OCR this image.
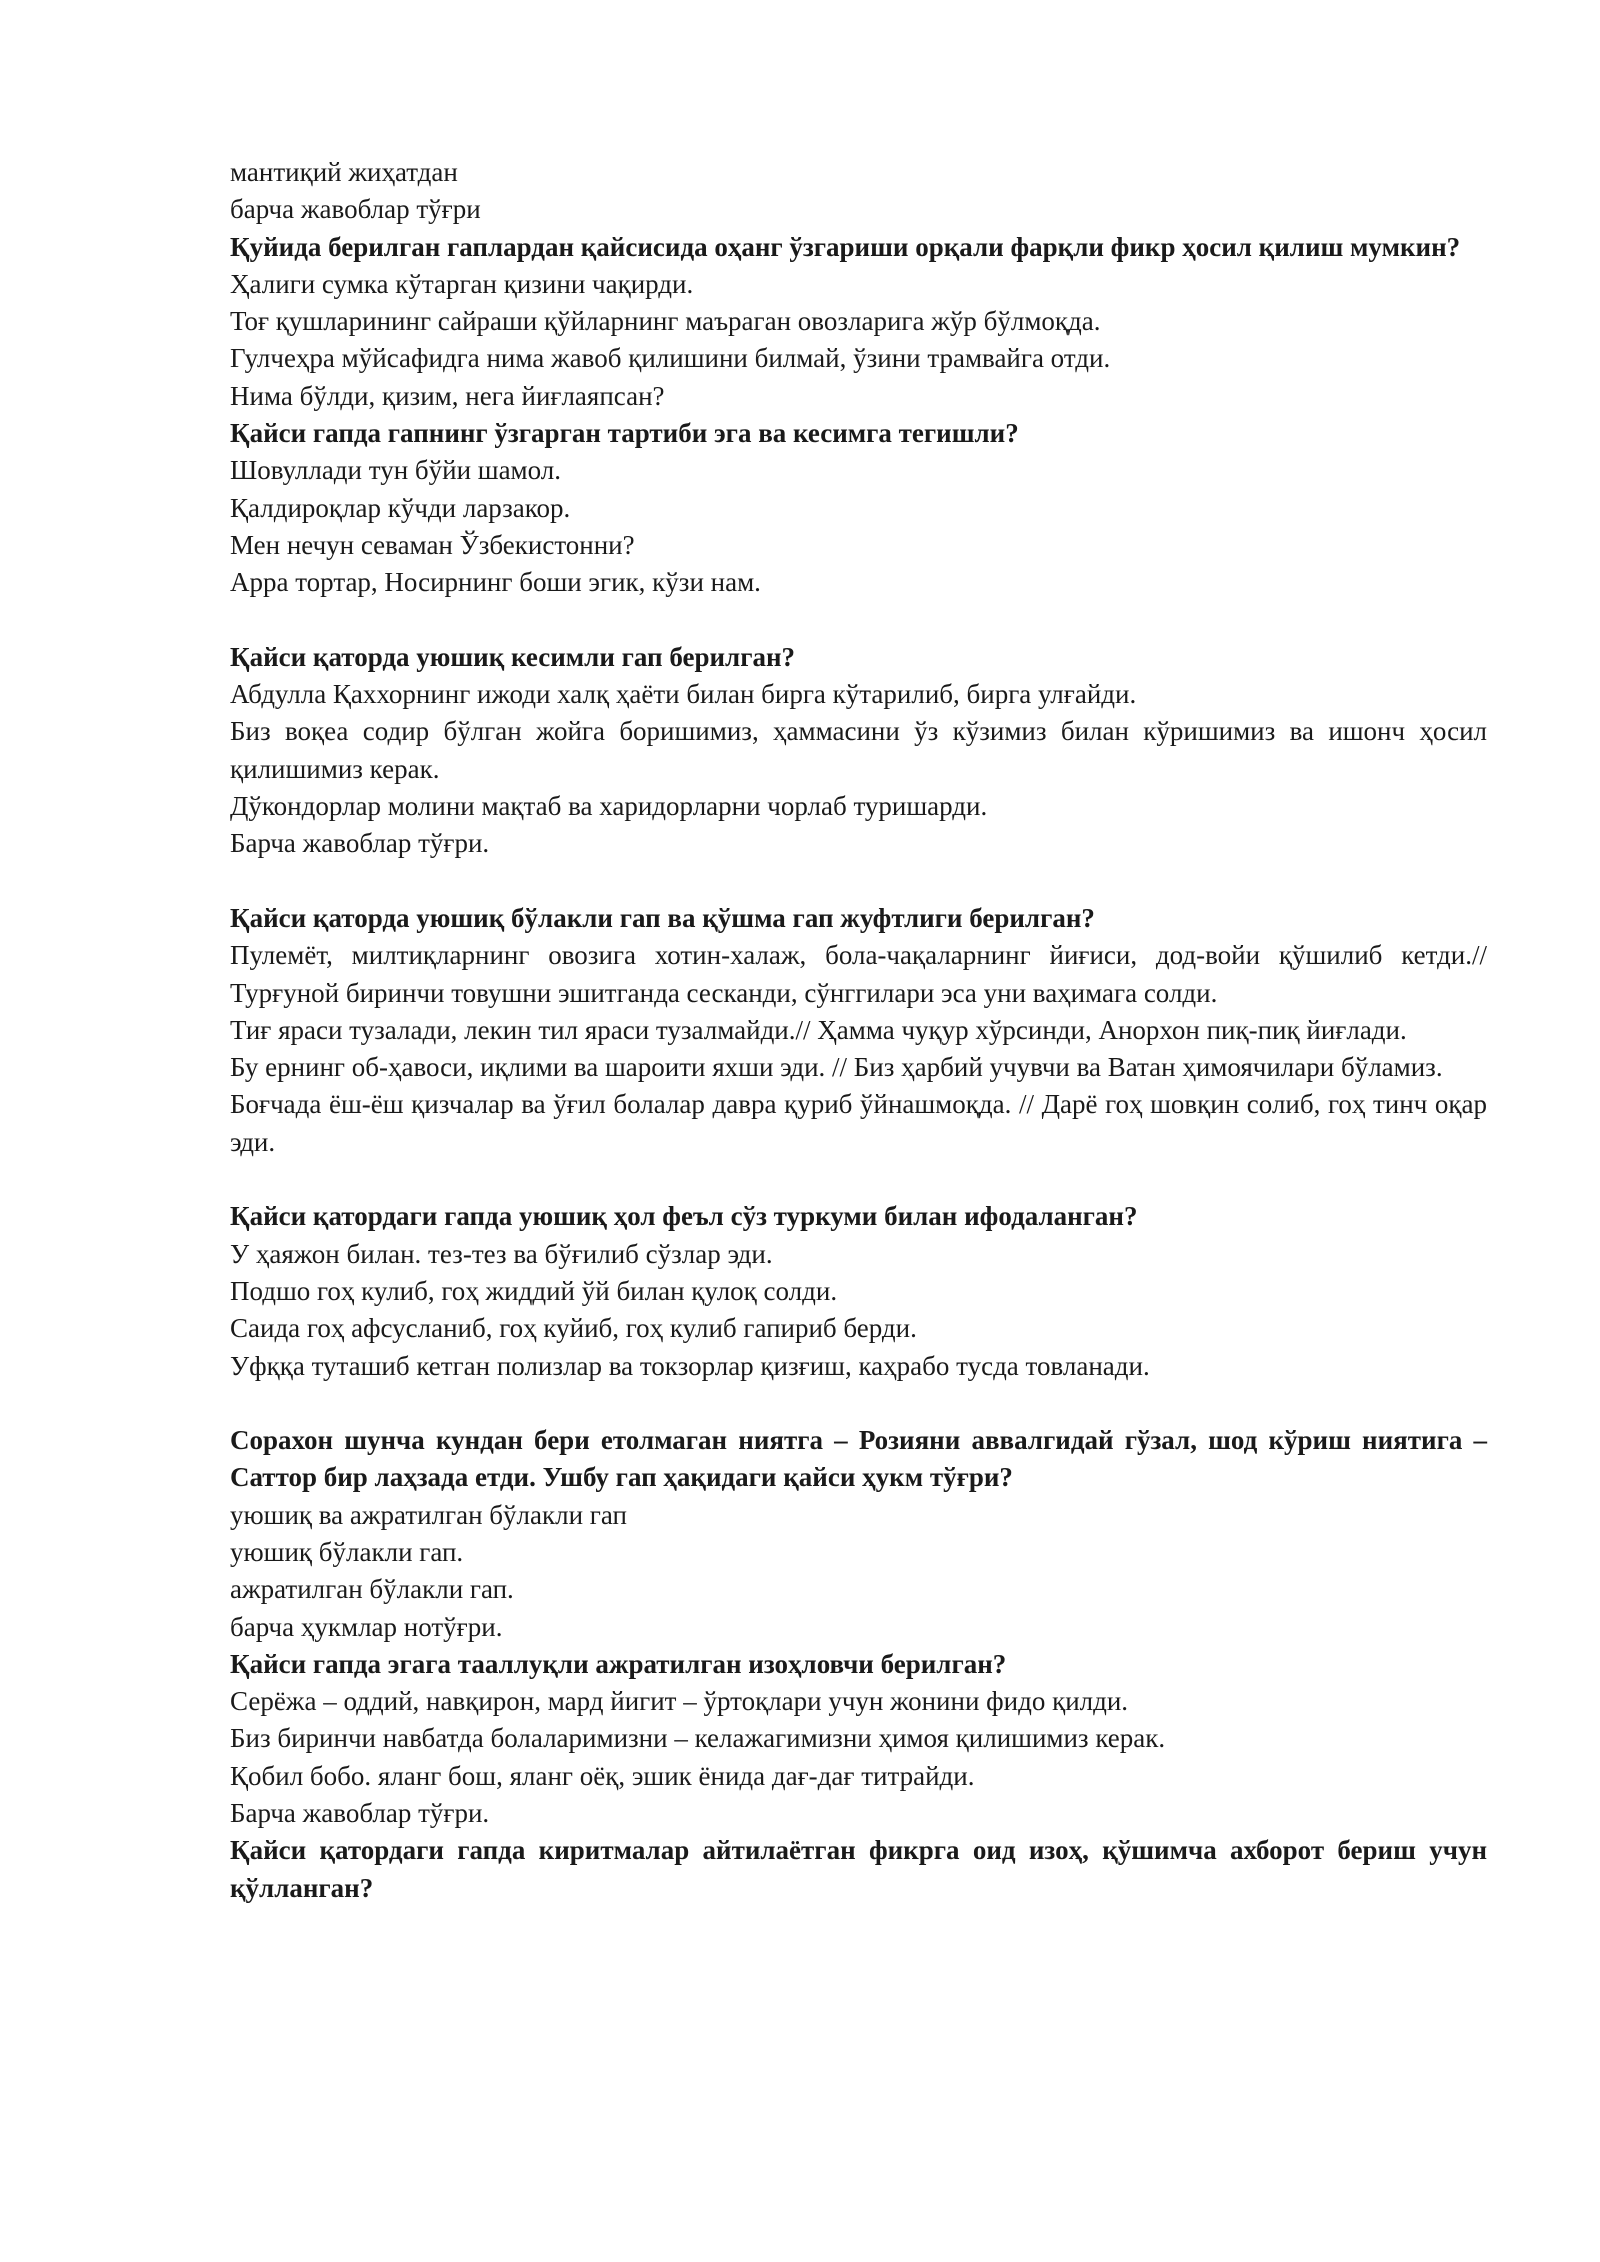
мантиқий жиҳатдан
барча жавоблар тўғри
Қуйида берилган гаплардан қайсисида оҳанг ўзгариши орқали фарқли фикр ҳосил қилиш мумкин?
Ҳалиги сумка кўтарган қизини чақирди.
Тоғ қушларининг сайраши қўйларнинг маъраган овозларига жўр бўлмоқда.
Гулчеҳра мўйсафидга нима жавоб қилишини билмай, ўзини трамвайга отди.
Нима бўлди, қизим, нега йиғлаяпсан?
Қайси гапда гапнинг ўзгарган тартиби эга ва кесимга тегишли?
Шовуллади тун бўйи шамол.
Қалдироқлар кўчди ларзакор.
Мен нечун севаман Ўзбекистонни?
Арра тортар, Носирнинг боши эгик, кўзи нам.
Қайси қаторда уюшиқ кесимли гап берилган?
Абдулла Қаххорнинг ижоди халқ ҳаёти билан бирга кўтарилиб, бирга улғайди.
Биз воқеа содир бўлган жойга боришимиз, ҳаммасини ўз кўзимиз билан кўришимиз ва ишонч ҳосил қилишимиз керак.
Дўкондорлар молини мақтаб ва харидорларни чорлаб туришарди.
Барча жавоблар тўғри.
Қайси қаторда уюшиқ бўлакли гап ва қўшма гап жуфтлиги берилган?
Пулемёт, милтиқларнинг овозига хотин-халаж, бола-чақаларнинг йиғиси, дод-войи қўшилиб кетди.// Турғуной биринчи товушни эшитганда сесканди, сўнггилари эса уни ваҳимага солди.
Тиғ яраси тузалади, лекин тил яраси тузалмайди.// Ҳамма чуқур хўрсинди, Анорхон пиқ-пиқ йиғлади.
Бу ернинг об-ҳавоси, иқлими ва шароити яхши эди. // Биз ҳарбий учувчи ва Ватан ҳимоячилари бўламиз.
Боғчада ёш-ёш қизчалар ва ўғил болалар давра қуриб ўйнашмоқда. // Дарё гоҳ шовқин солиб, гоҳ тинч оқар эди.
Қайси қатордаги гапда уюшиқ ҳол феъл сўз туркуми билан ифодаланган?
У ҳаяжон билан. тез-тез ва бўғилиб сўзлар эди.
Подшо гоҳ кулиб, гоҳ жиддий ўй билан қулоқ солди.
Саида гоҳ афсусланиб, гоҳ куйиб, гоҳ кулиб гапириб берди.
Уфққа туташиб кетган полизлар ва токзорлар қизғиш, каҳрабо тусда товланади.
Сорахон шунча кундан бери етолмаган ниятга – Розияни аввалгидай гўзал, шод кўриш ниятига – Саттор бир лаҳзада етди. Ушбу гап ҳақидаги қайси ҳукм тўғри?
уюшиқ ва ажратилган бўлакли гап
уюшиқ бўлакли гап.
ажратилган бўлакли гап.
барча ҳукмлар нотўғри.
Қайси гапда эгага тааллуқли ажратилган изоҳловчи берилган?
Серёжа – оддий, навқирон, мард йигит – ўртоқлари учун жонини фидо қилди.
Биз биринчи навбатда болаларимизни – келажагимизни ҳимоя қилишимиз керак.
Қобил бобо. яланг бош, яланг оёқ, эшик ёнида дағ-дағ титрайди.
Барча жавоблар тўғри.
Қайси қатордаги гапда киритмалар айтилаётган фикрга оид изоҳ, қўшимча ахборот бериш учун қўлланган?
